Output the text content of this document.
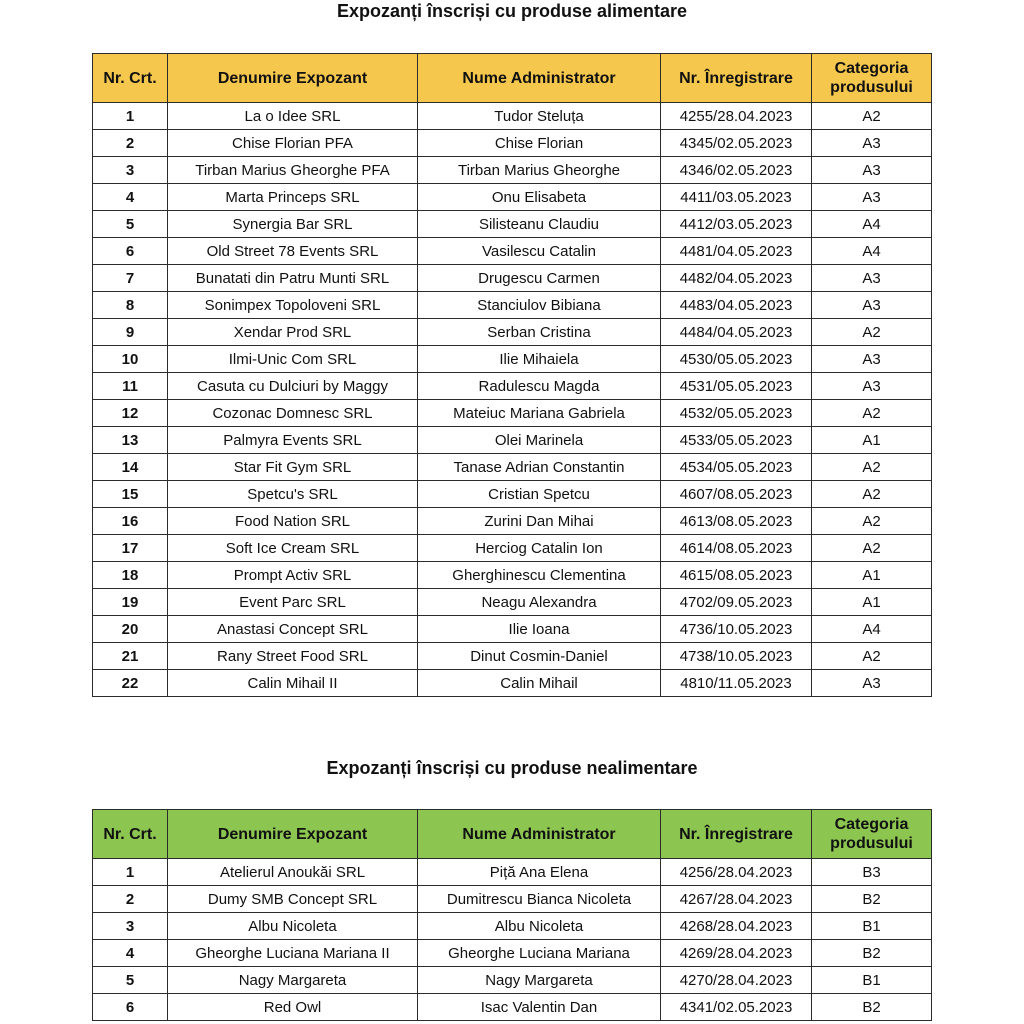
Expozanți înscriși cu produse alimentare
Nr. Crt.	Denumire Expozant	Nume Administrator	Nr. Înregistrare	Categoria produsului
1	La o Idee SRL	Tudor Steluța	4255/28.04.2023	A2
2	Chise Florian PFA	Chise Florian	4345/02.05.2023	A3
3	Tirban Marius Gheorghe PFA	Tirban Marius Gheorghe	4346/02.05.2023	A3
4	Marta Princeps SRL	Onu Elisabeta	4411/03.05.2023	A3
5	Synergia Bar SRL	Silisteanu Claudiu	4412/03.05.2023	A4
6	Old Street 78 Events SRL	Vasilescu Catalin	4481/04.05.2023	A4
7	Bunatati din Patru Munti SRL	Drugescu Carmen	4482/04.05.2023	A3
8	Sonimpex Topoloveni SRL	Stanciulov Bibiana	4483/04.05.2023	A3
9	Xendar Prod SRL	Serban Cristina	4484/04.05.2023	A2
10	Ilmi-Unic Com SRL	Ilie Mihaiela	4530/05.05.2023	A3
11	Casuta cu Dulciuri by Maggy	Radulescu Magda	4531/05.05.2023	A3
12	Cozonac Domnesc SRL	Mateiuc Mariana Gabriela	4532/05.05.2023	A2
13	Palmyra Events SRL	Olei Marinela	4533/05.05.2023	A1
14	Star Fit Gym SRL	Tanase Adrian Constantin	4534/05.05.2023	A2
15	Spetcu's SRL	Cristian Spetcu	4607/08.05.2023	A2
16	Food Nation SRL	Zurini Dan Mihai	4613/08.05.2023	A2
17	Soft Ice Cream SRL	Herciog Catalin Ion	4614/08.05.2023	A2
18	Prompt Activ SRL	Gherghinescu Clementina	4615/08.05.2023	A1
19	Event Parc SRL	Neagu Alexandra	4702/09.05.2023	A1
20	Anastasi Concept SRL	Ilie Ioana	4736/10.05.2023	A4
21	Rany Street Food SRL	Dinut Cosmin-Daniel	4738/10.05.2023	A2
22	Calin Mihail II	Calin Mihail	4810/11.05.2023	A3
Expozanți înscriși cu produse nealimentare
Nr. Crt.	Denumire Expozant	Nume Administrator	Nr. Înregistrare	Categoria produsului
1	Atelierul Anoukăi SRL	Piță Ana Elena	4256/28.04.2023	B3
2	Dumy SMB Concept SRL	Dumitrescu Bianca Nicoleta	4267/28.04.2023	B2
3	Albu Nicoleta	Albu Nicoleta	4268/28.04.2023	B1
4	Gheorghe Luciana Mariana II	Gheorghe Luciana Mariana	4269/28.04.2023	B2
5	Nagy Margareta	Nagy Margareta	4270/28.04.2023	B1
6	Red Owl	Isac Valentin Dan	4341/02.05.2023	B2
